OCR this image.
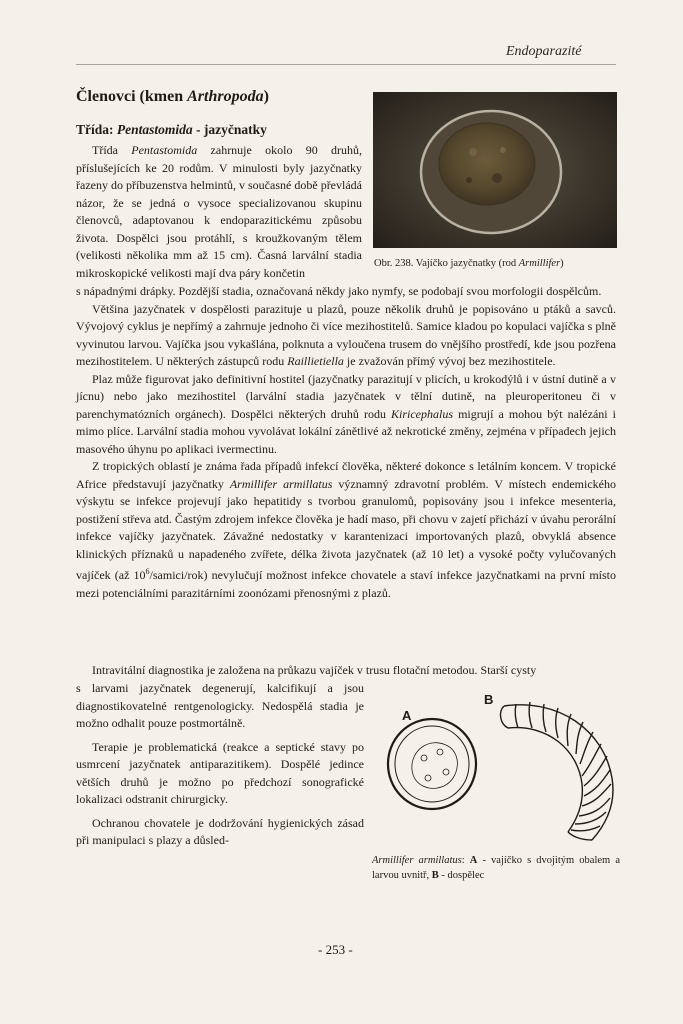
Endoparazité
Členovci (kmen Arthropoda)
Třída: Pentastomida - jazyčnatky
Obr. 238. Vajíčko jazyčnatky (rod Armillifer)

Třída Pentastomida zahrnuje okolo 90 druhů, příslušejících ke 20 rodům. V minulosti byly jazyčnatky řazeny do příbuzenstva helmintů, v současné době převládá názor, že se jedná o vysoce specializovanou skupinu členovců, adaptovanou k endoparazitickému způsobu života. Dospělci jsou protáhlí, s kroužkovaným tělem (velikosti několika mm až 15 cm). Časná larvální stadia mikroskopické velikosti mají dva páry končetin

s nápadnými drápky. Pozdější stadia, označovaná někdy jako nymfy, se podobají svou morfologii dospělcům.

Většina jazyčnatek v dospělosti parazituje u plazů, pouze několik druhů je popisováno u ptáků a savců. Vývojový cyklus je nepřímý a zahrnuje jednoho či více mezihostitelů. Samice kladou po kopulaci vajíčka s plně vyvinutou larvou. Vajíčka jsou vykašlána, polknuta a vyloučena trusem do vnějšího prostředí, kde jsou pozřena mezihostitelem. U některých zástupců rodu Raillietiella je zvažován přímý vývoj bez mezihostitele.

Plaz může figurovat jako definitivní hostitel (jazyčnatky parazitují v plicích, u krokodýlů i v ústní dutině a v jícnu) nebo jako mezihostitel (larvální stadia jazyčnatek v tělní dutině, na pleuroperitoneu či v parenchymatózních orgánech). Dospělci některých druhů rodu Kiricephalus migrují a mohou být nalézáni i mimo plíce. Larvální stadia mohou vyvolávat lokální zánětlivé až nekrotické změny, zejména v případech jejich masového úhynu po aplikaci ivermectinu.

Z tropických oblastí je známa řada případů infekcí člověka, některé dokonce s letálním koncem. V tropické Africe představují jazyčnatky Armillifer armillatus významný zdravotní problém. V místech endemického výskytu se infekce projevují jako hepatitidy s tvorbou granulomů, popisovány jsou i infekce mesenteria, postižení střeva atd. Častým zdrojem infekce člověka je hadí maso, při chovu v zajetí přichází v úvahu perorální infekce vajíčky jazyčnatek. Závažné nedostatky v karantenizaci importovaných plazů, obvyklá absence klinických příznaků u napadeného zvířete, délka života jazyčnatek (až 10 let) a vysoké počty vylučovaných vajíček (až $10^6/samici/rok$) nevylučují možnost infekce chovatele a staví infekce jazyčnatkami na první místo mezi potenciálními parazitárními zoonózami přenosnými z plazů.

Intravitální diagnostika je založena na průkazu vajíček v trusu flotační metodou. Starší cysty

s larvami jazyčnatek degenerují, kalcifikují a jsou diagnostikovatelné rentgenologicky. Nedospělá stadia je možno odhalit pouze postmortálně.

Terapie je problematická (reakce a septické stavy po usmrcení jazyčnatek antiparazitikem). Dospělé jedince větších druhů je možno po předchozí sonografické lokalizaci odstranit chirurgicky.

Ochranou chovatele je dodržování hygienických zásad při manipulaci s plazy a důsled-

A
B
Armillifer armillatus: A - vajíčko s dvojitým obalem a larvou uvnitř, B - dospělec
- 253 -
